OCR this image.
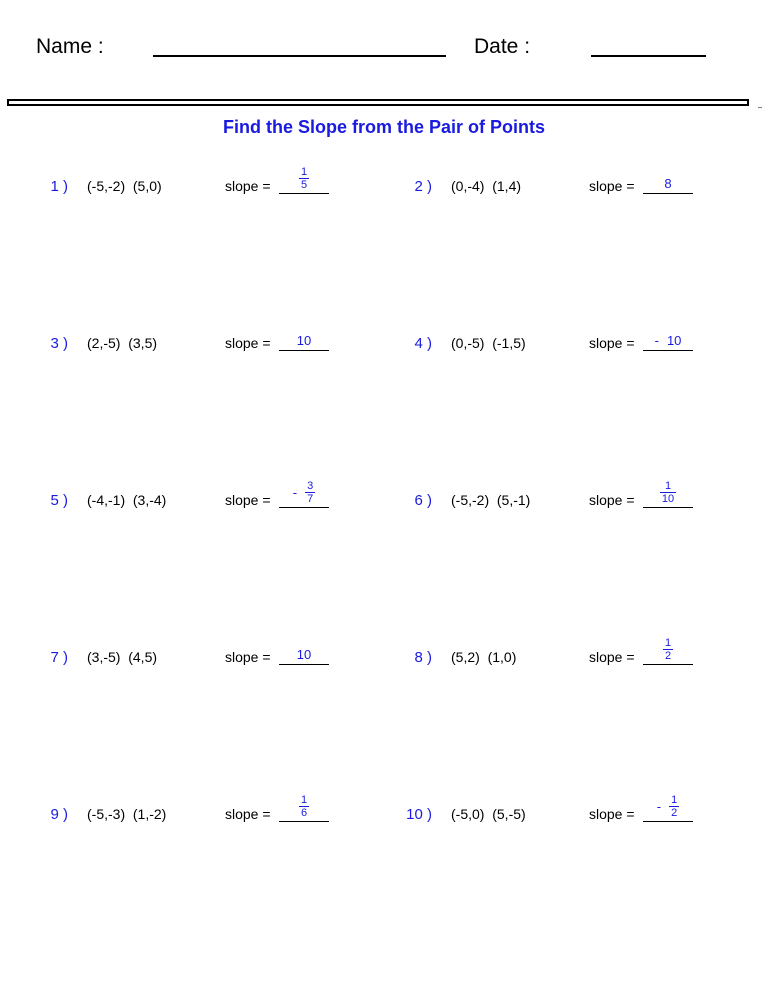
Name :	Date :
Find the Slope from the Pair of Points
1 ) (-5,-2)  (5,0)	slope =	$\frac{1}{5}$	2 ) (0,-4)  (1,4)	slope = 8
3 ) (2,-5)  (3,5)	slope = 10	4 ) (0,-5)  (-1,5)	slope = - 10
5 ) (-4,-1)  (3,-4)	slope = - $\frac{3}{7}$	6 ) (-5,-2)  (5,-1)	slope = $\frac{1}{10}$
7 ) (3,-5)  (4,5)	slope = 10	8 ) (5,2)  (1,0)	slope =	$\frac{1}{2}$
9 ) (-5,-3)  (1,-2)	slope =	$\frac{1}{6}$	10 ) (-5,0)  (5,-5)	slope = - $\frac{1}{2}$
